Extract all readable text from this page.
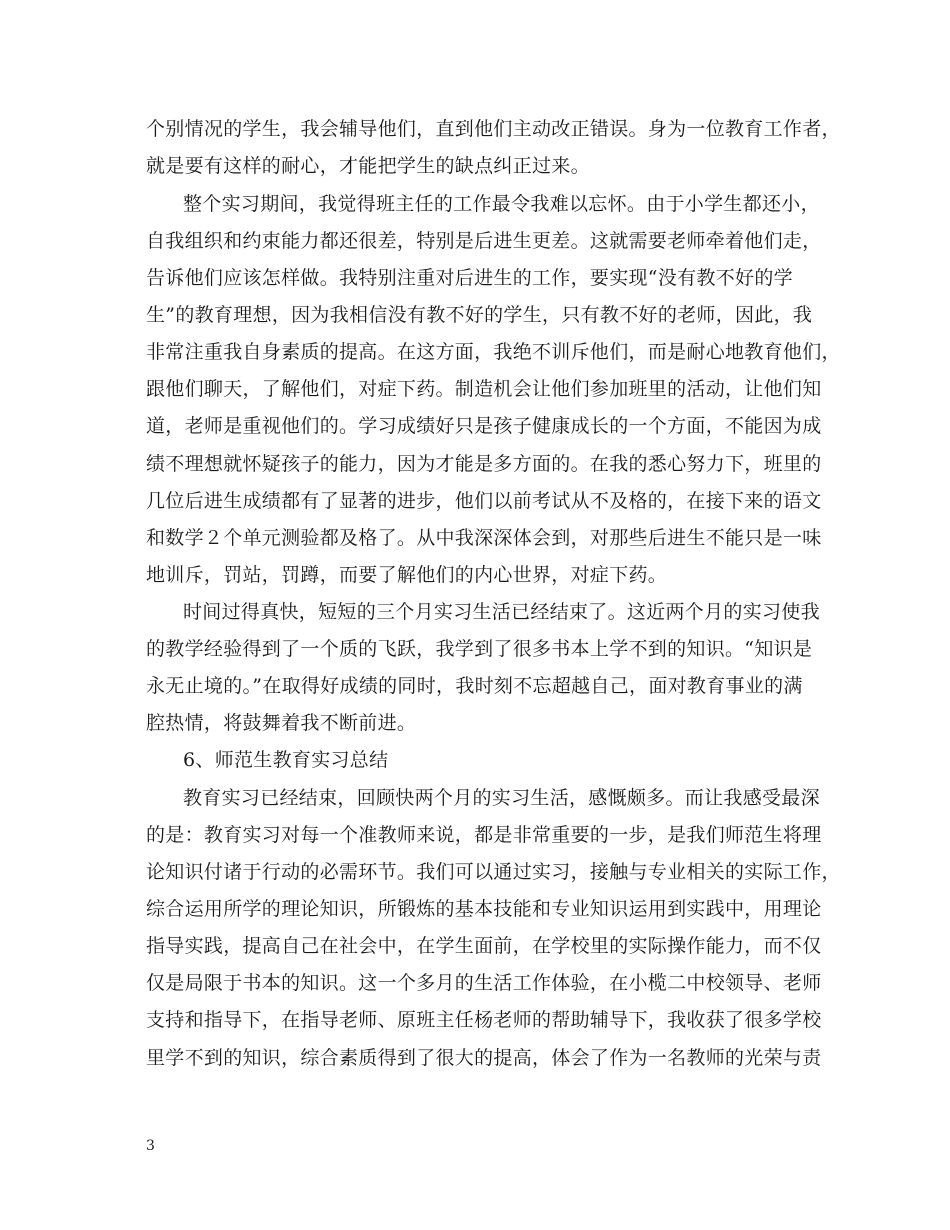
个别情况的学生，我会辅导他们，直到他们主动改正错误。身为一位教育工作者，
就是要有这样的耐心，才能把学生的缺点纠正过来。
整个实习期间，我觉得班主任的工作最令我难以忘怀。由于小学生都还小，
自我组织和约束能力都还很差，特别是后进生更差。这就需要老师牵着他们走，
告诉他们应该怎样做。我特别注重对后进生的工作，要实现“没有教不好的学
生”的教育理想，因为我相信没有教不好的学生，只有教不好的老师，因此，我
非常注重我自身素质的提高。在这方面，我绝不训斥他们，而是耐心地教育他们，
跟他们聊天，了解他们，对症下药。制造机会让他们参加班里的活动，让他们知
道，老师是重视他们的。学习成绩好只是孩子健康成长的一个方面，不能因为成
绩不理想就怀疑孩子的能力，因为才能是多方面的。在我的悉心努力下，班里的
几位后进生成绩都有了显著的进步，他们以前考试从不及格的，在接下来的语文
和数学２个单元测验都及格了。从中我深深体会到，对那些后进生不能只是一味
地训斥，罚站，罚蹲，而要了解他们的内心世界，对症下药。
时间过得真快，短短的三个月实习生活已经结束了。这近两个月的实习使我
的教学经验得到了一个质的飞跃，我学到了很多书本上学不到的知识。“知识是
永无止境的。”在取得好成绩的同时，我时刻不忘超越自己，面对教育事业的满
腔热情，将鼓舞着我不断前进。
6、师范生教育实习总结
教育实习已经结束，回顾快两个月的实习生活，感慨颇多。而让我感受最深
的是：教育实习对每一个准教师来说，都是非常重要的一步，是我们师范生将理
论知识付诸于行动的必需环节。我们可以通过实习，接触与专业相关的实际工作，
综合运用所学的理论知识，所锻炼的基本技能和专业知识运用到实践中，用理论
指导实践，提高自己在社会中，在学生面前，在学校里的实际操作能力，而不仅
仅是局限于书本的知识。这一个多月的生活工作体验，在小榄二中校领导、老师
支持和指导下，在指导老师、原班主任杨老师的帮助辅导下，我收获了很多学校
里学不到的知识，综合素质得到了很大的提高，体会了作为一名教师的光荣与责
3
